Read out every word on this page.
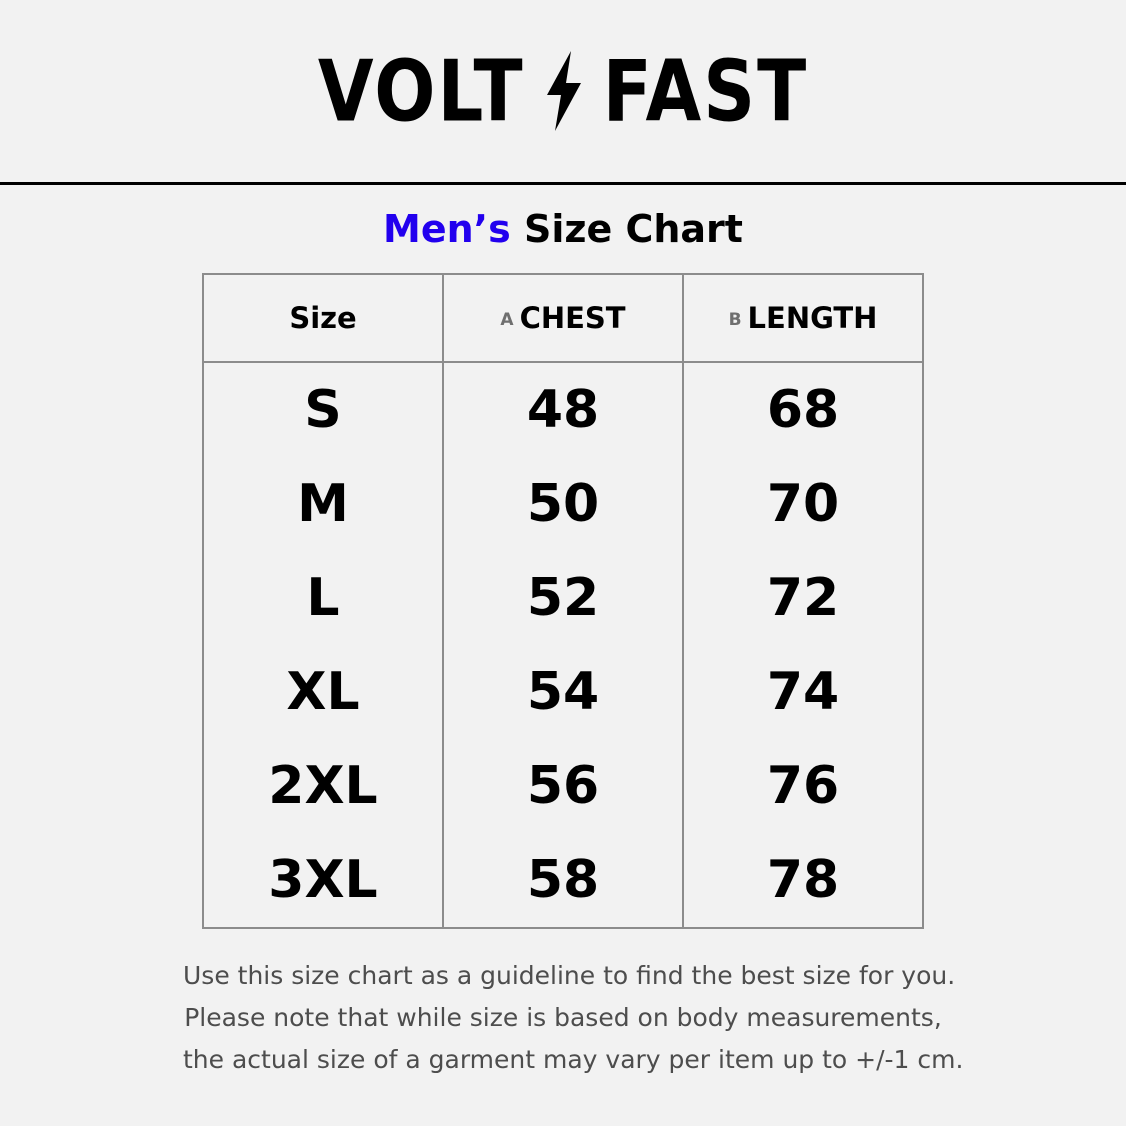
VOLT FAST
Men’s Size Chart
Size	A CHEST	B LENGTH
S	48	68
M	50	70
L	52	72
XL	54	74
2XL	56	76
3XL	58	78
Use this size chart as a guideline to find the best size for you.
Please note that while size is based on body measurements,
the actual size of a garment may vary per item up to +/-1 cm.
